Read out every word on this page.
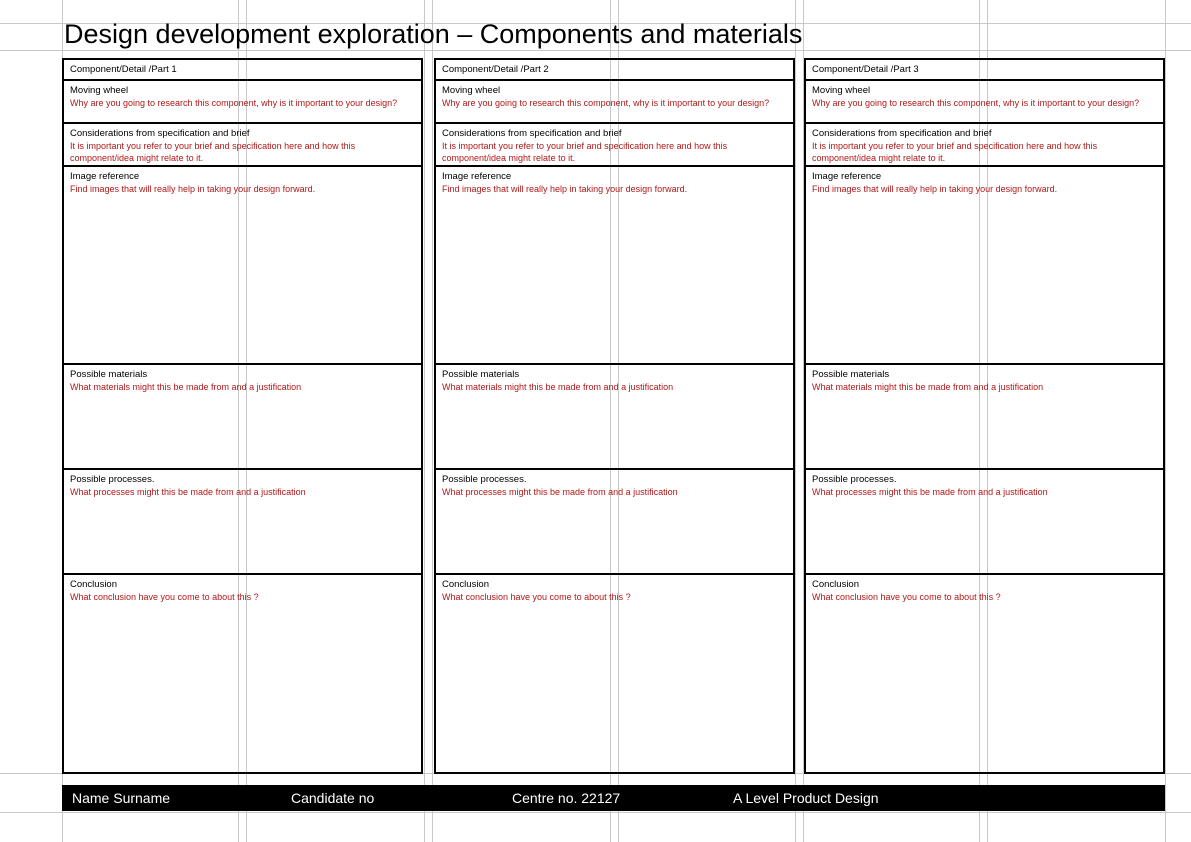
Design development exploration – Components and materials
Component/Detail /Part 1
Moving wheel
Why are you going to research this component, why is it important to your design?
Considerations from specification and brief
It is important you refer to your brief and specification here and how this component/idea might relate to it.
Image reference
Find images that will really help in taking your design forward.
Possible materials
What materials might this be made from and a justification
Possible processes.
What processes might this be made from and a justification
Conclusion
What conclusion have you come to about this ?
Component/Detail /Part 2
Moving wheel
Why are you going to research this component, why is it important to your design?
Considerations from specification and brief
It is important you refer to your brief and specification here and how this component/idea might relate to it.
Image reference
Find images that will really help in taking your design forward.
Possible materials
What materials might this be made from and a justification
Possible processes.
What processes might this be made from and a justification
Conclusion
What conclusion have you come to about this ?
Component/Detail /Part 3
Moving wheel
Why are you going to research this component, why is it important to your design?
Considerations from specification and brief
It is important you refer to your brief and specification here and how this component/idea might relate to it.
Image reference
Find images that will really help in taking your design forward.
Possible materials
What materials might this be made from and a justification
Possible processes.
What processes might this be made from and a justification
Conclusion
What conclusion have you come to about this ?
Name Surname	Candidate no	Centre no. 22127	A Level Product Design
